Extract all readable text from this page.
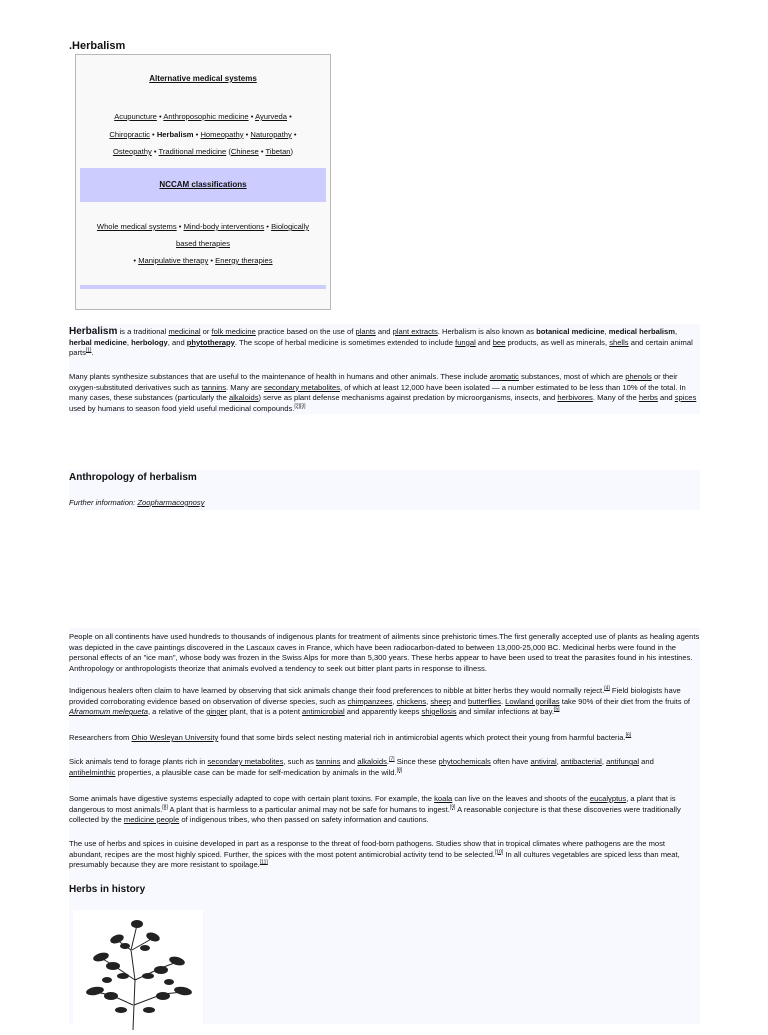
.Herbalism
Alternative medical systems
Acupuncture • Anthroposophic medicine • Ayurveda •
Chiropractic • Herbalism • Homeopathy • Naturopathy •
Osteopathy • Traditional medicine (Chinese • Tibetan)
NCCAM classifications
Whole medical systems • Mind-body interventions • Biologically based therapies
• Manipulative therapy • Energy therapies

Herbalism is a traditional medicinal or folk medicine practice based on the use of plants and plant extracts. Herbalism is also known as botanical medicine, medical herbalism, herbal medicine, herbology, and phytotherapy. The scope of herbal medicine is sometimes extended to include fungal and bee products, as well as minerals, shells and certain animal parts[1].

Many plants synthesize substances that are useful to the maintenance of health in humans and other animals. These include aromatic substances, most of which are phenols or their oxygen-substituted derivatives such as tannins. Many are secondary metabolites, of which at least 12,000 have been isolated — a number estimated to be less than 10% of the total. In many cases, these substances (particularly the alkaloids) serve as plant defense mechanisms against predation by microorganisms, insects, and herbivores. Many of the herbs and spices used by humans to season food yield useful medicinal compounds.[2][3]

Anthropology of herbalism
Further information: Zoopharmacognosy

People on all continents have used hundreds to thousands of indigenous plants for treatment of ailments since prehistoric times.The first generally accepted use of plants as healing agents was depicted in the cave paintings discovered in the Lascaux caves in France, which have been radiocarbon-dated to between 13,000-25,000 BC. Medicinal herbs were found in the personal effects of an "ice man", whose body was frozen in the Swiss Alps for more than 5,300 years. These herbs appear to have been used to treat the parasites found in his intestines. Anthropology or anthropologists theorize that animals evolved a tendency to seek out bitter plant parts in response to illness.

Indigenous healers often claim to have learned by observing that sick animals change their food preferences to nibble at bitter herbs they would normally reject.[4] Field biologists have provided corroborating evidence based on observation of diverse species, such as chimpanzees, chickens, sheep and butterflies. Lowland gorillas take 90% of their diet from the fruits of Aframomum melegueta, a relative of the ginger plant, that is a potent antimicrobial and apparently keeps shigellosis and similar infections at bay.[5]

Researchers from Ohio Wesleyan University found that some birds select nesting material rich in antimicrobial agents which protect their young from harmful bacteria.[6]

Sick animals tend to forage plants rich in secondary metabolites, such as tannins and alkaloids.[7] Since these phytochemicals often have antiviral, antibacterial, antifungal and antihelminthic properties, a plausible case can be made for self-medication by animals in the wild.[8]

Some animals have digestive systems especially adapted to cope with certain plant toxins. For example, the koala can live on the leaves and shoots of the eucalyptus, a plant that is dangerous to most animals.[8] A plant that is harmless to a particular animal may not be safe for humans to ingest.[9] A reasonable conjecture is that these discoveries were traditionally collected by the medicine people of indigenous tribes, who then passed on safety information and cautions.

The use of herbs and spices in cuisine developed in part as a response to the threat of food-born pathogens. Studies show that in tropical climates where pathogens are the most abundant, recipes are the most highly spiced. Further, the spices with the most potent antimicrobial activity tend to be selected.[10] In all cultures vegetables are spiced less than meat, presumably because they are more resistant to spoilage.[11]

Herbs in history
